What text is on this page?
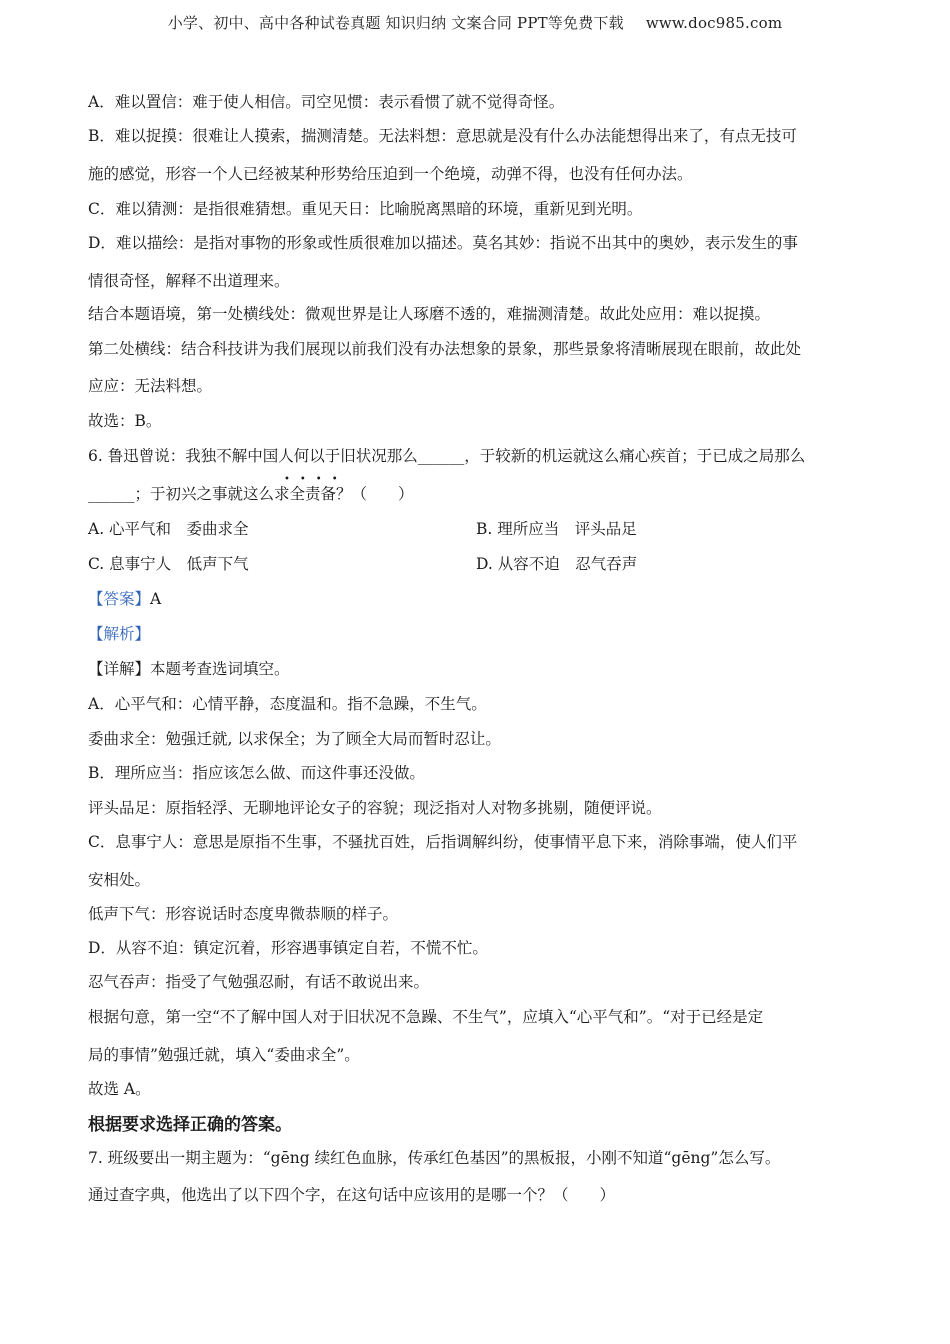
小学、初中、高中各种试卷真题 知识归纳 文案合同 PPT等免费下载 www.doc985.com
A．难以置信：难于使人相信。司空见惯：表示看惯了就不觉得奇怪。
B．难以捉摸：很难让人摸索，揣测清楚。无法料想：意思就是没有什么办法能想得出来了，有点无技可
施的感觉，形容一个人已经被某种形势给压迫到一个绝境，动弹不得，也没有任何办法。
C．难以猜测：是指很难猜想。重见天日：比喻脱离黑暗的环境，重新见到光明。
D．难以描绘：是指对事物的形象或性质很难加以描述。莫名其妙：指说不出其中的奥妙，表示发生的事
情很奇怪，解释不出道理来。
结合本题语境，第一处横线处：微观世界是让人琢磨不透的，难揣测清楚。故此处应用：难以捉摸。
第二处横线：结合科技讲为我们展现以前我们没有办法想象的景象，那些景象将清晰展现在眼前，故此处
应应：无法料想。
故选：B。
6. 鲁迅曾说：我独不解中国人何以于旧状况那么______，于较新的机运就这么痛心疾首；于已成之局那么
•　•　•　•
______；于初兴之事就这么求全责备？（　　）
A. 心平气和　委曲求全	B. 理所应当　评头品足
C. 息事宁人　低声下气	D. 从容不迫　忍气吞声
【答案】A
【解析】
【详解】本题考查选词填空。
A．心平气和：心情平静，态度温和。指不急躁，不生气。
委曲求全：勉强迁就, 以求保全；为了顾全大局而暂时忍让。
B．理所应当：指应该怎么做、而这件事还没做。
评头品足：原指轻浮、无聊地评论女子的容貌；现泛指对人对物多挑剔，随便评说。
C．息事宁人：意思是原指不生事，不骚扰百姓，后指调解纠纷，使事情平息下来，消除事端，使人们平
安相处。
低声下气：形容说话时态度卑微恭顺的样子。
D．从容不迫：镇定沉着，形容遇事镇定自若，不慌不忙。
忍气吞声：指受了气勉强忍耐，有话不敢说出来。
根据句意，第一空“不了解中国人对于旧状况不急躁、不生气”，应填入“心平气和”。“对于已经是定
局的事情”勉强迁就，填入“委曲求全”。
故选 A。
根据要求选择正确的答案。
7. 班级要出一期主题为：“gēng 续红色血脉，传承红色基因”的黑板报，小刚不知道“gēng”怎么写。
通过查字典，他选出了以下四个字，在这句话中应该用的是哪一个？（　　）
